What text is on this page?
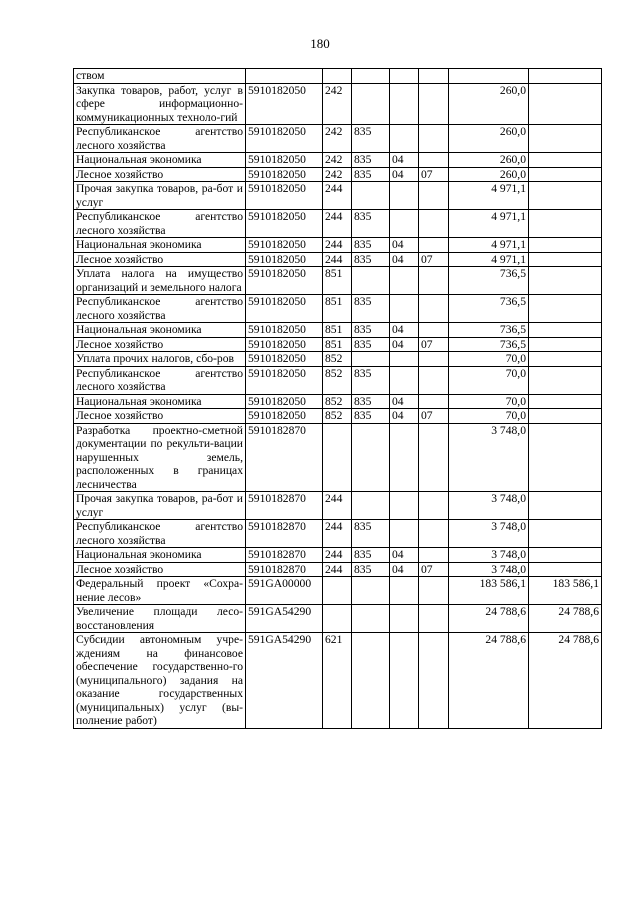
180
ством							
Закупка товаров, работ, услуг в сфере информационно-коммуникационных техноло-гий	5910182050	242				260,0	
Республиканское агентство лесного хозяйства	5910182050	242	835			260,0	
Национальная экономика	5910182050	242	835	04		260,0	
Лесное хозяйство	5910182050	242	835	04	07	260,0	
Прочая закупка товаров, ра-бот и услуг	5910182050	244				4 971,1	
Республиканское агентство лесного хозяйства	5910182050	244	835			4 971,1	
Национальная экономика	5910182050	244	835	04		4 971,1	
Лесное хозяйство	5910182050	244	835	04	07	4 971,1	
Уплата налога на имущество организаций и земельного налога	5910182050	851				736,5	
Республиканское агентство лесного хозяйства	5910182050	851	835			736,5	
Национальная экономика	5910182050	851	835	04		736,5	
Лесное хозяйство	5910182050	851	835	04	07	736,5	
Уплата прочих налогов, сбо-ров	5910182050	852				70,0	
Республиканское агентство лесного хозяйства	5910182050	852	835			70,0	
Национальная экономика	5910182050	852	835	04		70,0	
Лесное хозяйство	5910182050	852	835	04	07	70,0	
Разработка проектно-сметной документации по рекульти-вации нарушенных земель, расположенных в границах лесничества	5910182870					3 748,0	
Прочая закупка товаров, ра-бот и услуг	5910182870	244				3 748,0	
Республиканское агентство лесного хозяйства	5910182870	244	835			3 748,0	
Национальная экономика	5910182870	244	835	04		3 748,0	
Лесное хозяйство	5910182870	244	835	04	07	3 748,0	
Федеральный проект «Сохра-нение лесов»	591GA00000					183 586,1	183 586,1
Увеличение площади лесо-восстановления	591GA54290					24 788,6	24 788,6
Субсидии автономным учре-ждениям на финансовое обеспечение государственно-го (муниципального) задания на оказание государственных (муниципальных) услуг (вы-полнение работ)	591GA54290	621				24 788,6	24 788,6
